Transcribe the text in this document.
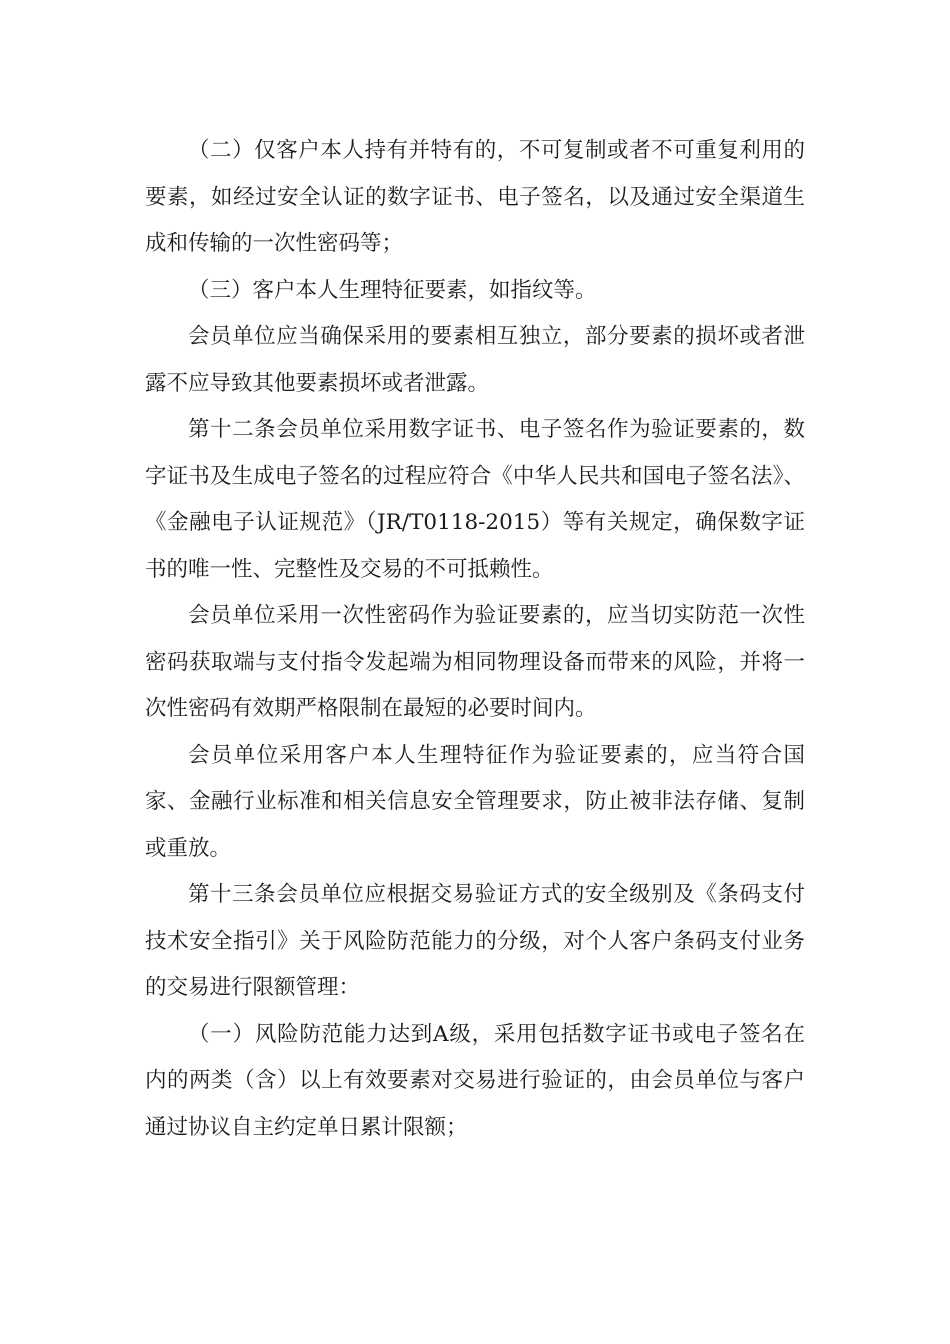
（二）仅客户本人持有并特有的，不可复制或者不可重复利用的要素，如经过安全认证的数字证书、电子签名，以及通过安全渠道生成和传输的一次性密码等；

（三）客户本人生理特征要素，如指纹等。

会员单位应当确保采用的要素相互独立，部分要素的损坏或者泄露不应导致其他要素损坏或者泄露。

第十二条会员单位采用数字证书、电子签名作为验证要素的，数字证书及生成电子签名的过程应符合《中华人民共和国电子签名法》、《金融电子认证规范》（JR/T0118-2015）等有关规定，确保数字证书的唯一性、完整性及交易的不可抵赖性。

会员单位采用一次性密码作为验证要素的，应当切实防范一次性密码获取端与支付指令发起端为相同物理设备而带来的风险，并将一次性密码有效期严格限制在最短的必要时间内。

会员单位采用客户本人生理特征作为验证要素的，应当符合国家、金融行业标准和相关信息安全管理要求，防止被非法存储、复制或重放。

第十三条会员单位应根据交易验证方式的安全级别及《条码支付技术安全指引》关于风险防范能力的分级，对个人客户条码支付业务的交易进行限额管理：

（一）风险防范能力达到A级，采用包括数字证书或电子签名在内的两类（含）以上有效要素对交易进行验证的，由会员单位与客户通过协议自主约定单日累计限额；
